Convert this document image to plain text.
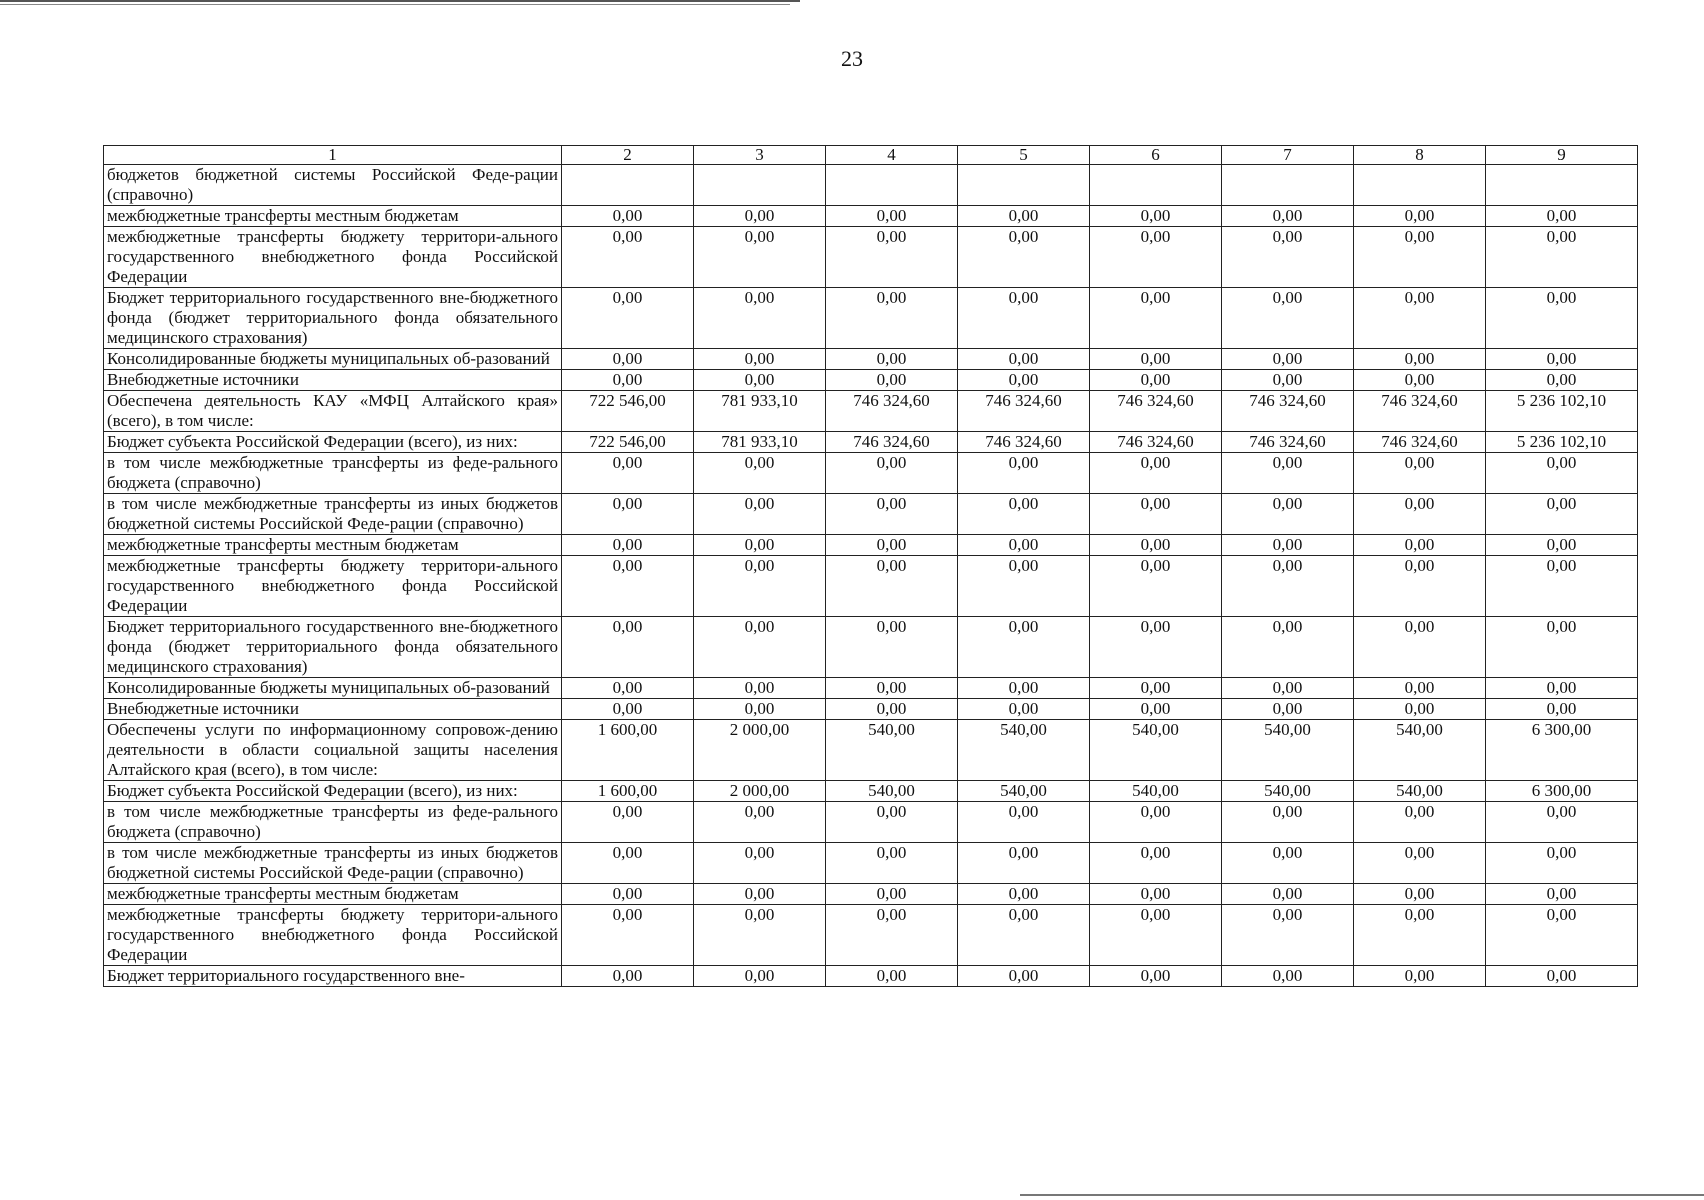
23
1	2	3	4	5	6	7	8	9
бюджетов бюджетной системы Российской Феде-рации (справочно)								
межбюджетные трансферты местным бюджетам	0,00	0,00	0,00	0,00	0,00	0,00	0,00	0,00
межбюджетные трансферты бюджету территори-ального государственного внебюджетного фонда Российской Федерации	0,00	0,00	0,00	0,00	0,00	0,00	0,00	0,00
Бюджет территориального государственного вне-бюджетного фонда (бюджет территориального фонда обязательного медицинского страхования)	0,00	0,00	0,00	0,00	0,00	0,00	0,00	0,00
Консолидированные бюджеты муниципальных об-разований	0,00	0,00	0,00	0,00	0,00	0,00	0,00	0,00
Внебюджетные источники	0,00	0,00	0,00	0,00	0,00	0,00	0,00	0,00
Обеспечена деятельность КАУ «МФЦ Алтайского края» (всего), в том числе:	722 546,00	781 933,10	746 324,60	746 324,60	746 324,60	746 324,60	746 324,60	5 236 102,10
Бюджет субъекта Российской Федерации (всего), из них:	722 546,00	781 933,10	746 324,60	746 324,60	746 324,60	746 324,60	746 324,60	5 236 102,10
в том числе межбюджетные трансферты из феде-рального бюджета (справочно)	0,00	0,00	0,00	0,00	0,00	0,00	0,00	0,00
в том числе межбюджетные трансферты из иных бюджетов бюджетной системы Российской Феде-рации (справочно)	0,00	0,00	0,00	0,00	0,00	0,00	0,00	0,00
межбюджетные трансферты местным бюджетам	0,00	0,00	0,00	0,00	0,00	0,00	0,00	0,00
межбюджетные трансферты бюджету территори-ального государственного внебюджетного фонда Российской Федерации	0,00	0,00	0,00	0,00	0,00	0,00	0,00	0,00
Бюджет территориального государственного вне-бюджетного фонда (бюджет территориального фонда обязательного медицинского страхования)	0,00	0,00	0,00	0,00	0,00	0,00	0,00	0,00
Консолидированные бюджеты муниципальных об-разований	0,00	0,00	0,00	0,00	0,00	0,00	0,00	0,00
Внебюджетные источники	0,00	0,00	0,00	0,00	0,00	0,00	0,00	0,00
Обеспечены услуги по информационному сопровож-дению деятельности в области социальной защиты населения Алтайского края (всего), в том числе:	1 600,00	2 000,00	540,00	540,00	540,00	540,00	540,00	6 300,00
Бюджет субъекта Российской Федерации (всего), из них:	1 600,00	2 000,00	540,00	540,00	540,00	540,00	540,00	6 300,00
в том числе межбюджетные трансферты из феде-рального бюджета (справочно)	0,00	0,00	0,00	0,00	0,00	0,00	0,00	0,00
в том числе межбюджетные трансферты из иных бюджетов бюджетной системы Российской Феде-рации (справочно)	0,00	0,00	0,00	0,00	0,00	0,00	0,00	0,00
межбюджетные трансферты местным бюджетам	0,00	0,00	0,00	0,00	0,00	0,00	0,00	0,00
межбюджетные трансферты бюджету территори-ального государственного внебюджетного фонда Российской Федерации	0,00	0,00	0,00	0,00	0,00	0,00	0,00	0,00
Бюджет территориального государственного вне-	0,00	0,00	0,00	0,00	0,00	0,00	0,00	0,00
